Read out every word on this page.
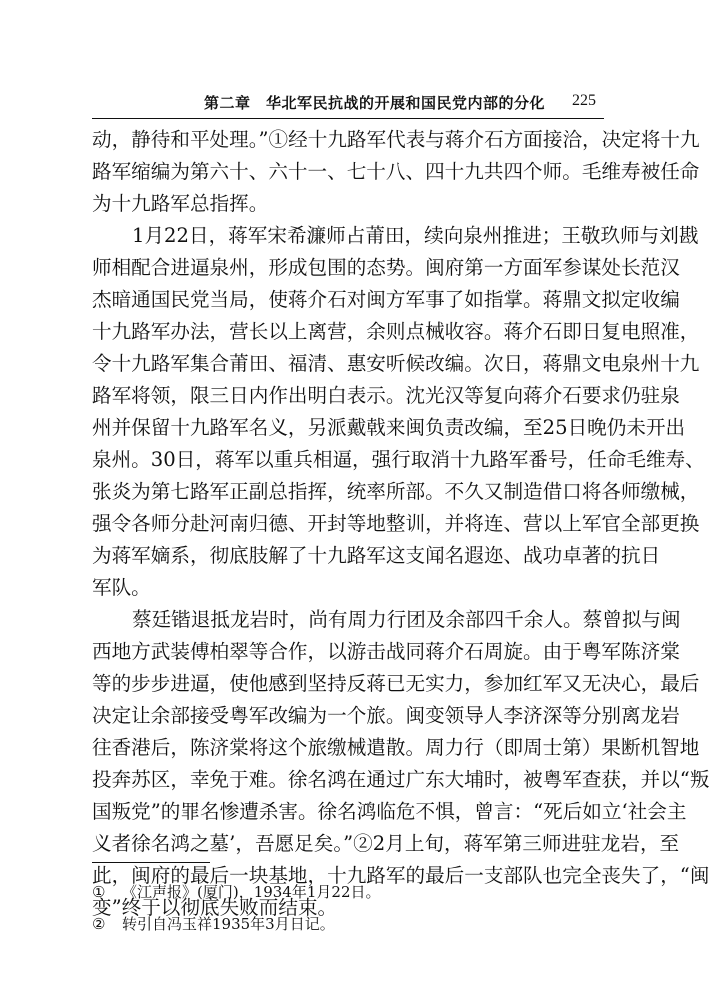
第二章　华北军民抗战的开展和国民党内部的分化 225
动，静待和平处理。”①经十九路军代表与蒋介石方面接洽，决定将十九
路军缩编为第六十、六十一、七十八、四十九共四个师。毛维寿被任命
为十九路军总指挥。
1月22日，蒋军宋希濂师占莆田，续向泉州推进；王敬玖师与刘戡
师相配合进逼泉州，形成包围的态势。闽府第一方面军参谋处长范汉
杰暗通国民党当局，使蒋介石对闽方军事了如指掌。蒋鼎文拟定收编
十九路军办法，营长以上离营，余则点械收容。蒋介石即日复电照准，
令十九路军集合莆田、福清、惠安听候改编。次日，蒋鼎文电泉州十九
路军将领，限三日内作出明白表示。沈光汉等复向蒋介石要求仍驻泉
州并保留十九路军名义，另派戴戟来闽负责改编，至25日晚仍未开出
泉州。30日，蒋军以重兵相逼，强行取消十九路军番号，任命毛维寿、
张炎为第七路军正副总指挥，统率所部。不久又制造借口将各师缴械，
强令各师分赴河南归德、开封等地整训，并将连、营以上军官全部更换
为蒋军嫡系，彻底肢解了十九路军这支闻名遐迩、战功卓著的抗日
军队。
蔡廷锴退抵龙岩时，尚有周力行团及余部四千余人。蔡曾拟与闽
西地方武装傅柏翠等合作，以游击战同蒋介石周旋。由于粤军陈济棠
等的步步进逼，使他感到坚持反蒋已无实力，参加红军又无决心，最后
决定让余部接受粤军改编为一个旅。闽变领导人李济深等分别离龙岩
往香港后，陈济棠将这个旅缴械遣散。周力行（即周士第）果断机智地
投奔苏区，幸免于难。徐名鸿在通过广东大埔时，被粤军查获，并以“叛
国叛党”的罪名惨遭杀害。徐名鸿临危不惧，曾言：“死后如立‘社会主
义者徐名鸿之墓’，吾愿足矣。”②2月上旬，蒋军第三师进驻龙岩，至
此，闽府的最后一块基地，十九路军的最后一支部队也完全丧失了，“闽
变”终于以彻底失败而结束。
① 《江声报》(厦门)，1934年1月22日。
② 转引自冯玉祥1935年3月日记。
